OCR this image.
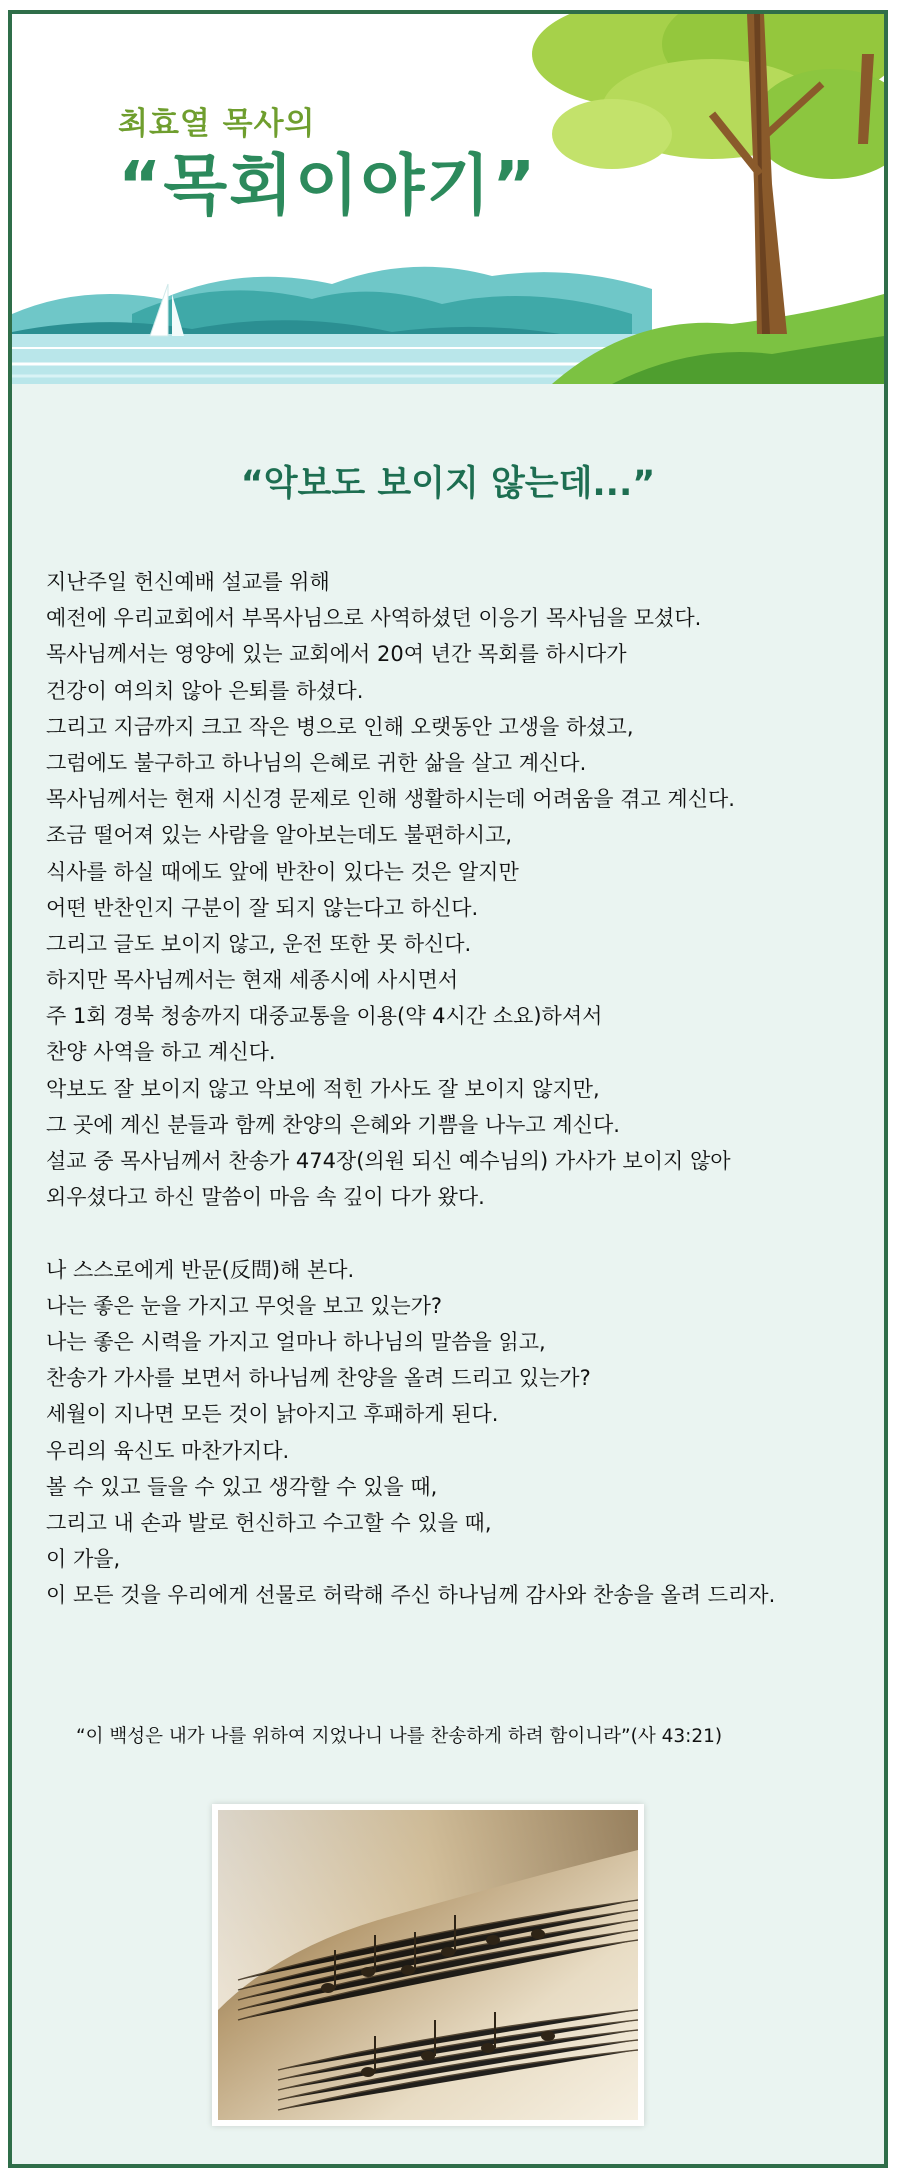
최효열 목사의
“목회이야기”
“악보도 보이지 않는데...”
지난주일 헌신예배 설교를 위해
예전에 우리교회에서 부목사님으로 사역하셨던 이응기 목사님을 모셨다.
목사님께서는 영양에 있는 교회에서 20여 년간 목회를 하시다가
건강이 여의치 않아 은퇴를 하셨다.
그리고 지금까지 크고 작은 병으로 인해 오랫동안 고생을 하셨고,
그럼에도 불구하고 하나님의 은혜로 귀한 삶을 살고 계신다.
목사님께서는 현재 시신경 문제로 인해 생활하시는데 어려움을 겪고 계신다.
조금 떨어져 있는 사람을 알아보는데도 불편하시고,
식사를 하실 때에도 앞에 반찬이 있다는 것은 알지만
어떤 반찬인지 구분이 잘 되지 않는다고 하신다.
그리고 글도 보이지 않고, 운전 또한 못 하신다.
하지만 목사님께서는 현재 세종시에 사시면서
주 1회 경북 청송까지 대중교통을 이용(약 4시간 소요)하셔서
찬양 사역을 하고 계신다.
악보도 잘 보이지 않고 악보에 적힌 가사도 잘 보이지 않지만,
그 곳에 계신 분들과 함께 찬양의 은혜와 기쁨을 나누고 계신다.
설교 중 목사님께서 찬송가 474장(의원 되신 예수님의) 가사가 보이지 않아
외우셨다고 하신 말씀이 마음 속 깊이 다가 왔다.
나 스스로에게 반문(反問)해 본다.
나는 좋은 눈을 가지고 무엇을 보고 있는가?
나는 좋은 시력을 가지고 얼마나 하나님의 말씀을 읽고,
찬송가 가사를 보면서 하나님께 찬양을 올려 드리고 있는가?
세월이 지나면 모든 것이 낡아지고 후패하게 된다.
우리의 육신도 마찬가지다.
볼 수 있고 들을 수 있고 생각할 수 있을 때,
그리고 내 손과 발로 헌신하고 수고할 수 있을 때,
이 가을,
이 모든 것을 우리에게 선물로 허락해 주신 하나님께 감사와 찬송을 올려 드리자.
“이 백성은 내가 나를 위하여 지었나니 나를 찬송하게 하려 함이니라”(사 43:21)
